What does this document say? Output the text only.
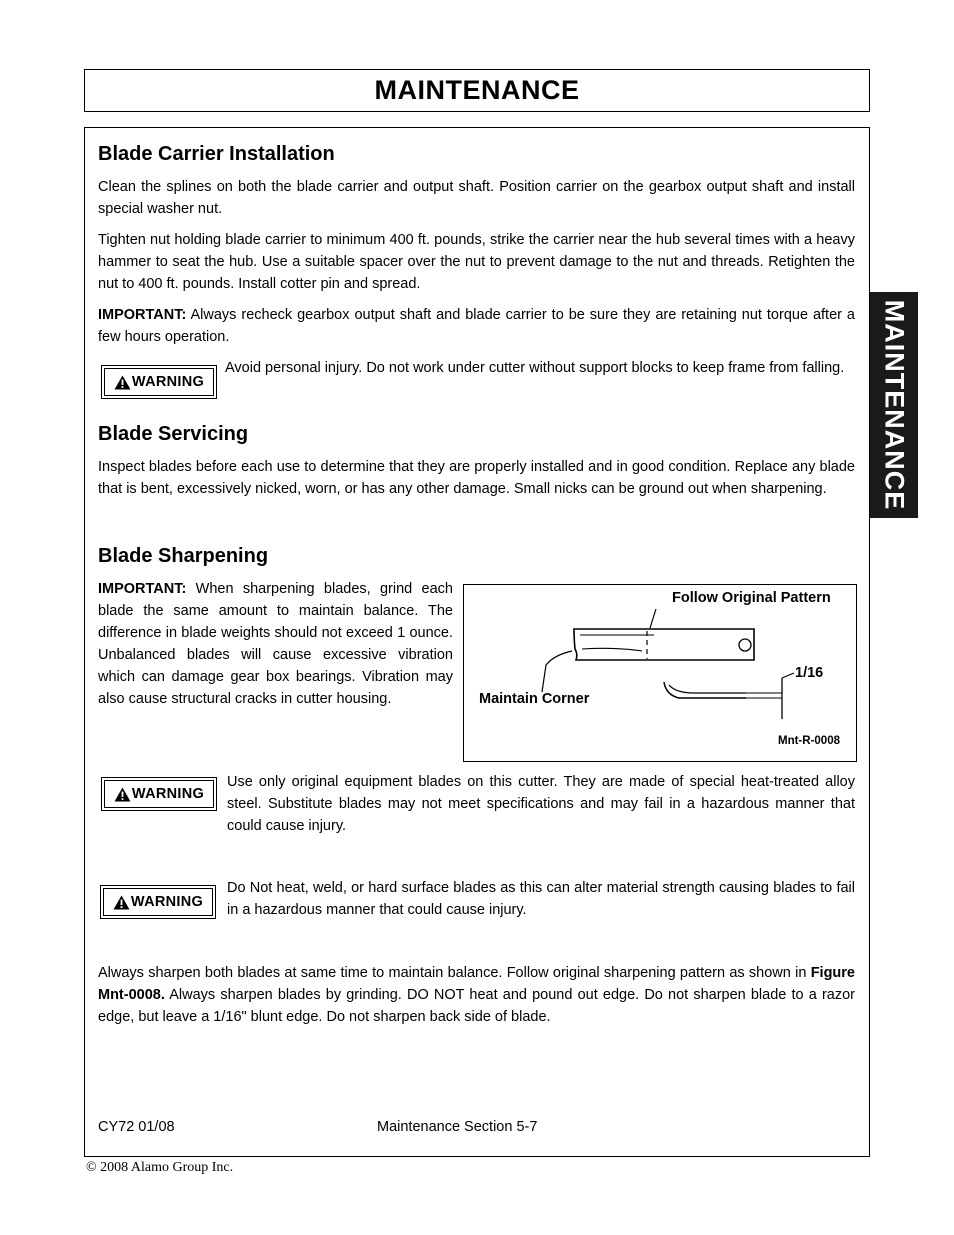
MAINTENANCE
MAINTENANCE
Blade Carrier Installation

Clean the splines on both the blade carrier and output shaft. Position carrier on the gearbox output shaft and install special washer nut.

Tighten nut holding blade carrier to minimum 400 ft. pounds, strike the carrier near the hub several times with a heavy hammer to seat the hub. Use a suitable spacer over the nut to prevent damage to the nut and threads. Retighten the nut to 400 ft. pounds. Install cotter pin and spread.

IMPORTANT: Always recheck gearbox output shaft and blade carrier to be sure they are retaining nut torque after a few hours operation.

WARNING

Avoid personal injury. Do not work under cutter without support blocks to keep frame from falling.

Blade Servicing

Inspect blades before each use to determine that they are properly installed and in good condition. Replace any blade that is bent, excessively nicked, worn, or has any other damage. Small nicks can be ground out when sharpening.

Blade Sharpening

IMPORTANT: When sharpening blades, grind each blade the same amount to maintain balance. The difference in blade weights should not exceed 1 ounce. Unbalanced blades will cause excessive vibration which can damage gear box bearings. Vibration may also cause structural cracks in cutter housing.

Follow Original Pattern
Maintain Corner
1/16
Mnt-R-0008
WARNING

Use only original equipment blades on this cutter. They are made of special heat-treated alloy steel. Substitute blades may not meet specifications and may fail in a hazardous manner that could cause injury.

WARNING

Do Not heat, weld, or hard surface blades as this can alter material strength causing blades to fail in a hazardous manner that could cause injury.

Always sharpen both blades at same time to maintain balance. Follow original sharpening pattern as shown in Figure Mnt-0008. Always sharpen blades by grinding. DO NOT heat and pound out edge. Do not sharpen blade to a razor edge, but leave a 1/16" blunt edge. Do not sharpen back side of blade.

CY72 01/08	Maintenance Section 5-7
© 2008 Alamo Group Inc.
